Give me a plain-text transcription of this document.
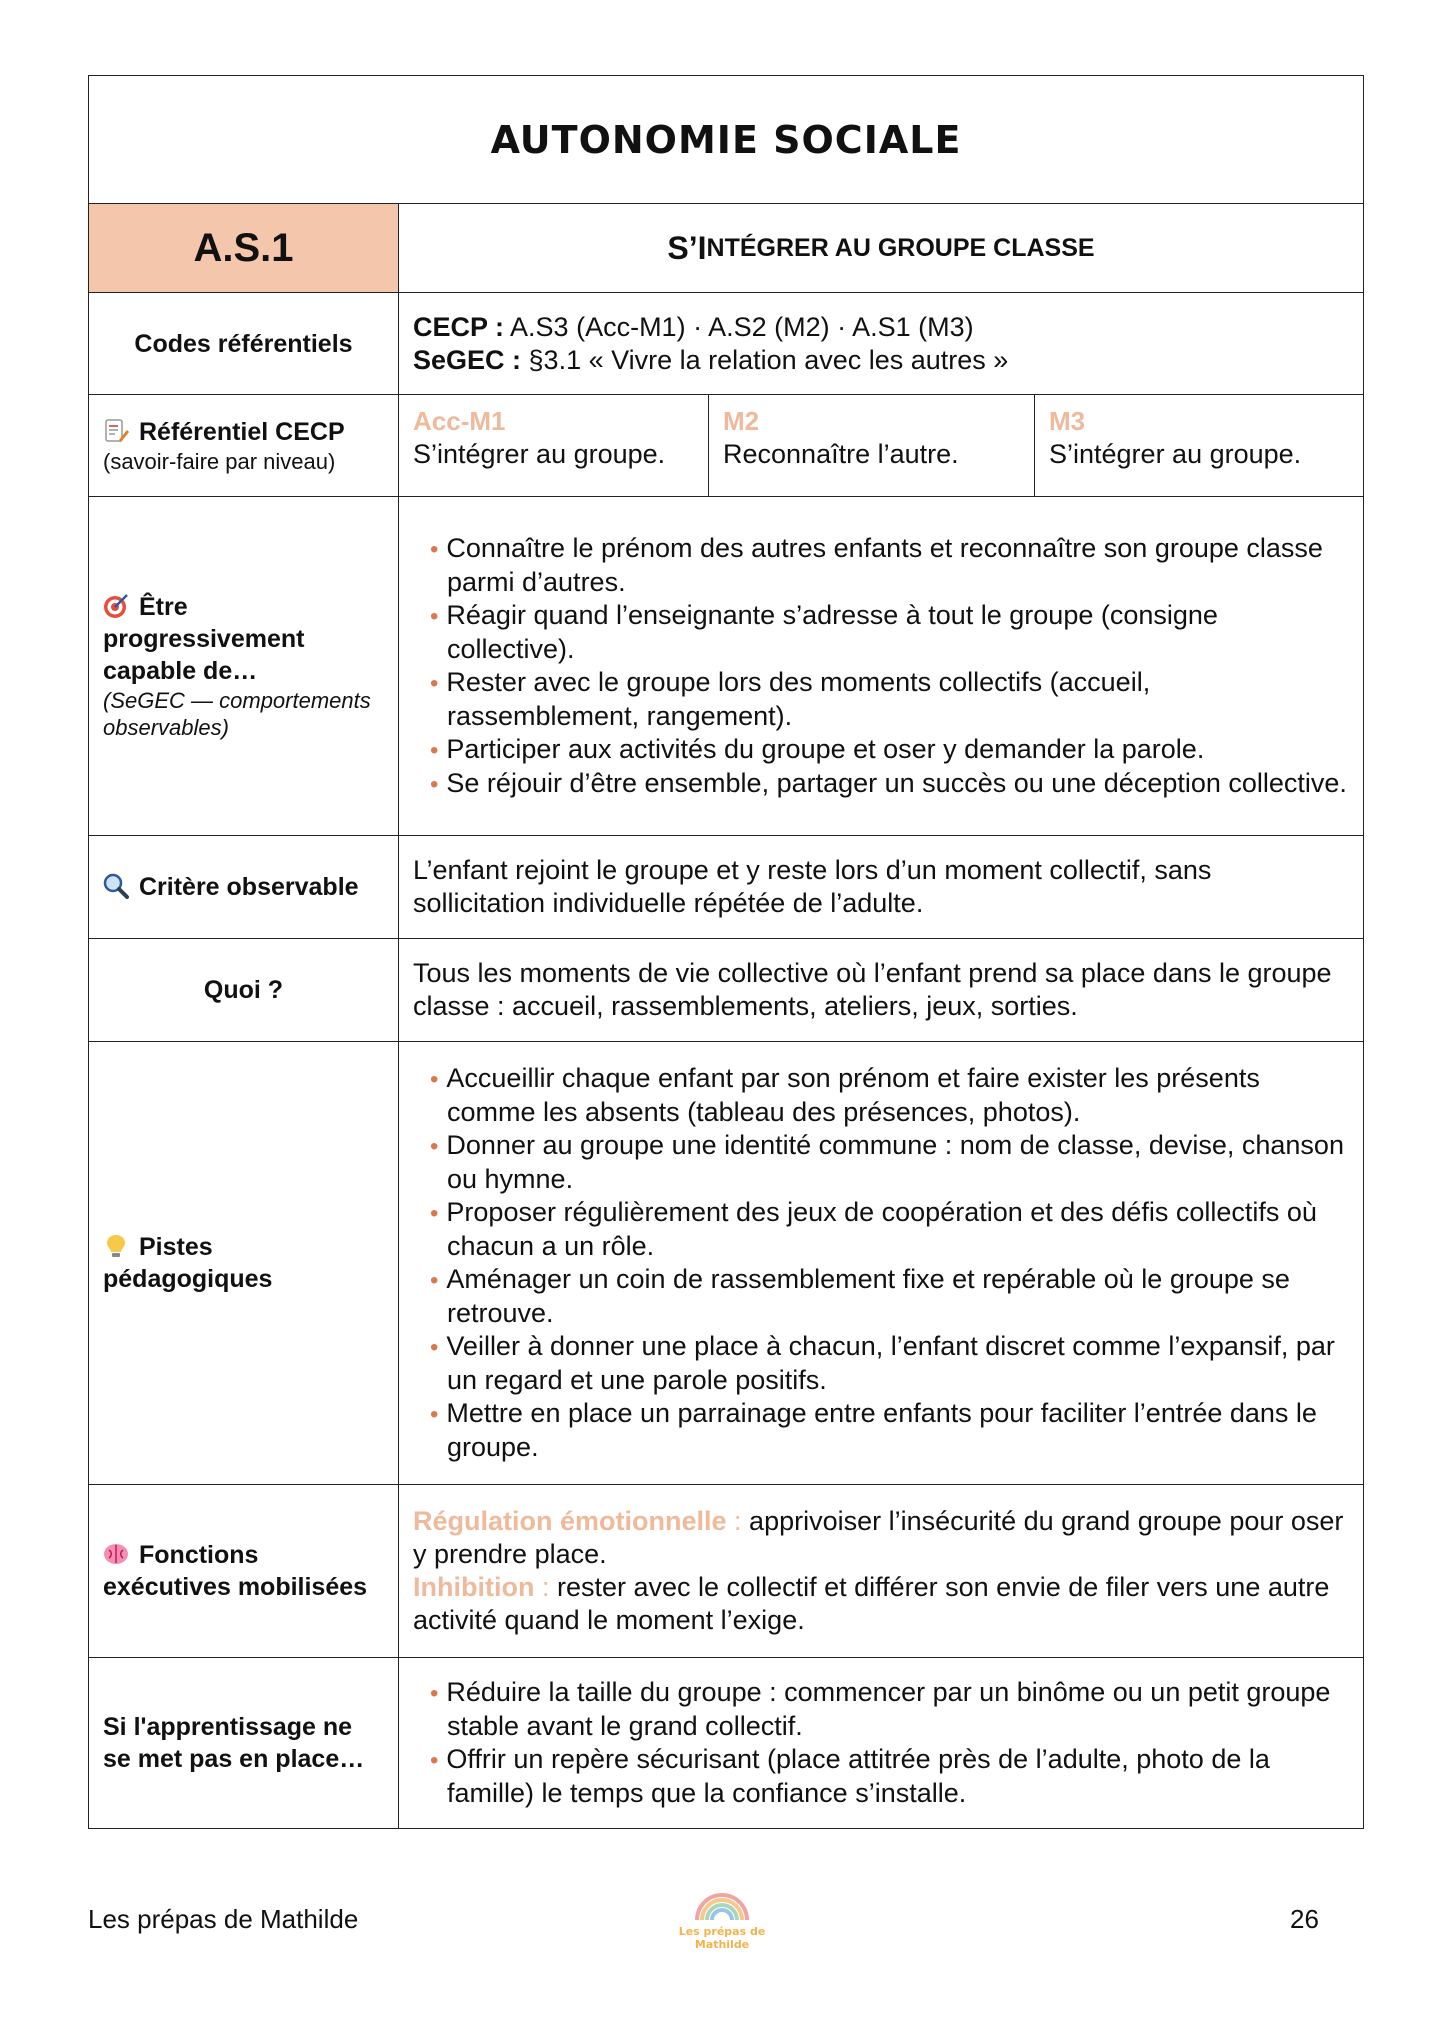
AUTONOMIE SOCIALE
A.S.1	S’I NTÉGRER AU GROUPE CLASSE
Codes référentiels
CECP : A.S3 (Acc-M1) · A.S2 (M2) · A.S1 (M3)
SeGEC : §3.1 « Vivre la relation avec les autres »
Référentiel CECP
(savoir-faire par niveau)
Acc-M1
S’intégrer au groupe.
M2
Reconnaître l’autre.
M3
S’intégrer au groupe.
Être progressivement capable de…
(SeGEC — comportements observables)
• Connaître le prénom des autres enfants et reconnaître son groupe classe parmi d’autres.
• Réagir quand l’enseignante s’adresse à tout le groupe (consigne collective).
• Rester avec le groupe lors des moments collectifs (accueil, rassemblement, rangement).
• Participer aux activités du groupe et oser y demander la parole.
• Se réjouir d’être ensemble, partager un succès ou une déception collective.
Critère observable
L’enfant rejoint le groupe et y reste lors d’un moment collectif, sans sollicitation individuelle répétée de l’adulte.
Quoi ?
Tous les moments de vie collective où l’enfant prend sa place dans le groupe classe : accueil, rassemblements, ateliers, jeux, sorties.
Pistes pédagogiques
• Accueillir chaque enfant par son prénom et faire exister les présents comme les absents (tableau des présences, photos).
• Donner au groupe une identité commune : nom de classe, devise, chanson ou hymne.
• Proposer régulièrement des jeux de coopération et des défis collectifs où chacun a un rôle.
• Aménager un coin de rassemblement fixe et repérable où le groupe se retrouve.
• Veiller à donner une place à chacun, l’enfant discret comme l’expansif, par un regard et une parole positifs.
• Mettre en place un parrainage entre enfants pour faciliter l’entrée dans le groupe.
Fonctions exécutives mobilisées
Régulation émotionnelle : apprivoiser l’insécurité du grand groupe pour oser y prendre place.
Inhibition : rester avec le collectif et différer son envie de filer vers une autre activité quand le moment l’exige.
Si l'apprentissage ne se met pas en place…
• Réduire la taille du groupe : commencer par un binôme ou un petit groupe stable avant le grand collectif.
• Offrir un repère sécurisant (place attitrée près de l’adulte, photo de la famille) le temps que la confiance s’installe.
Les prépas de Mathilde	Les prépas de
Mathilde
26
